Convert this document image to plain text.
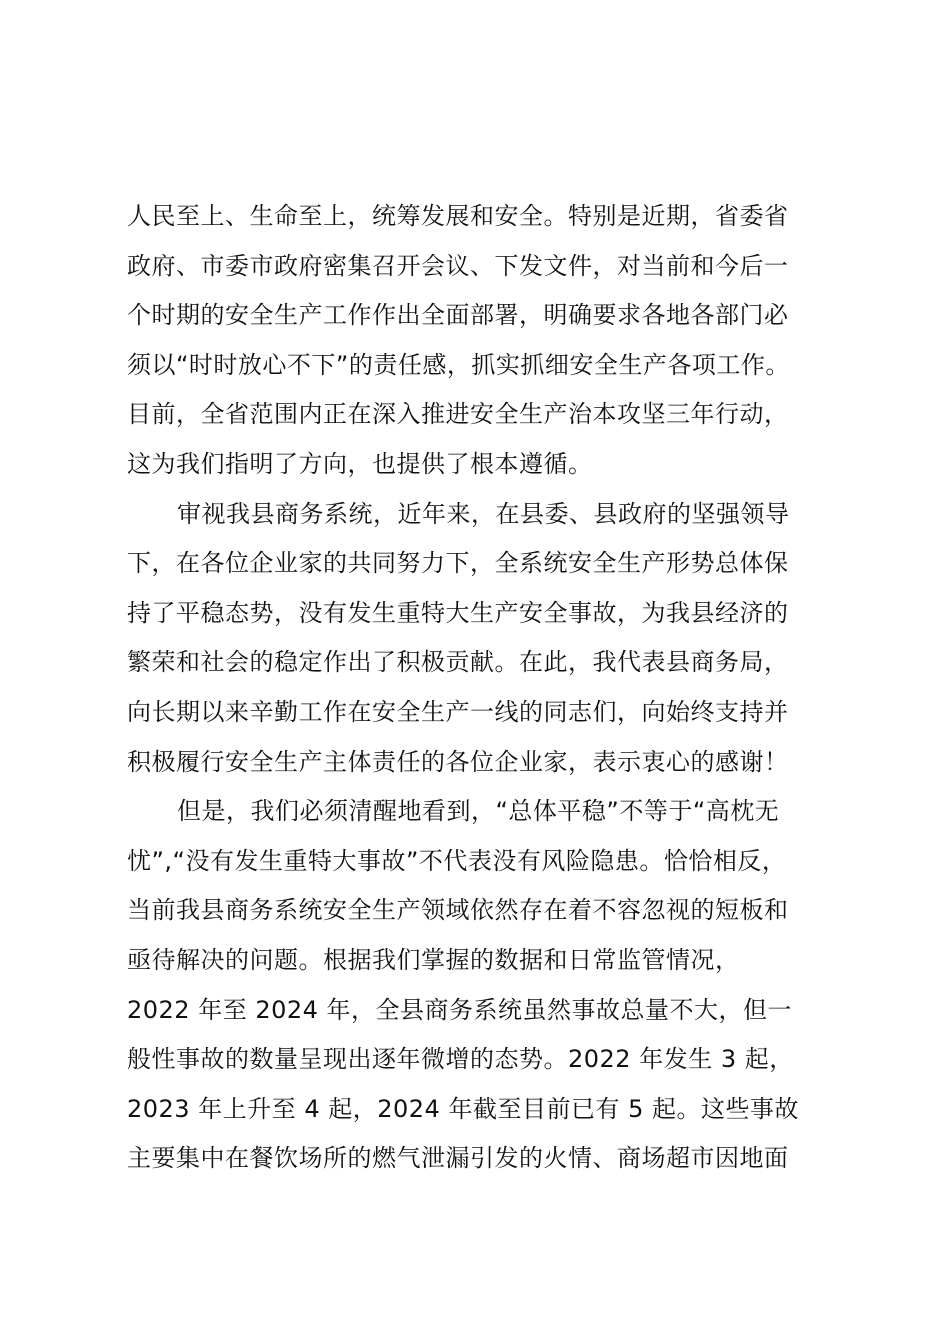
人民至上、生命至上，统筹发展和安全。特别是近期，省委省
政府、市委市政府密集召开会议、下发文件，对当前和今后一
个时期的安全生产工作作出全面部署，明确要求各地各部门必
须以“时时放心不下”的责任感，抓实抓细安全生产各项工作。
目前，全省范围内正在深入推进安全生产治本攻坚三年行动，
这为我们指明了方向，也提供了根本遵循。
审视我县商务系统，近年来，在县委、县政府的坚强领导
下，在各位企业家的共同努力下，全系统安全生产形势总体保
持了平稳态势，没有发生重特大生产安全事故，为我县经济的
繁荣和社会的稳定作出了积极贡献。在此，我代表县商务局，
向长期以来辛勤工作在安全生产一线的同志们，向始终支持并
积极履行安全生产主体责任的各位企业家，表示衷心的感谢！
但是，我们必须清醒地看到，“总体平稳”不等于“高枕无
忧”,“没有发生重特大事故”不代表没有风险隐患。恰恰相反，
当前我县商务系统安全生产领域依然存在着不容忽视的短板和
亟待解决的问题。根据我们掌握的数据和日常监管情况，
2022 年至 2024 年，全县商务系统虽然事故总量不大，但一
般性事故的数量呈现出逐年微增的态势。2022 年发生 3 起，
2023 年上升至 4 起，2024 年截至目前已有 5 起。这些事故
主要集中在餐饮场所的燃气泄漏引发的火情、商场超市因地面
